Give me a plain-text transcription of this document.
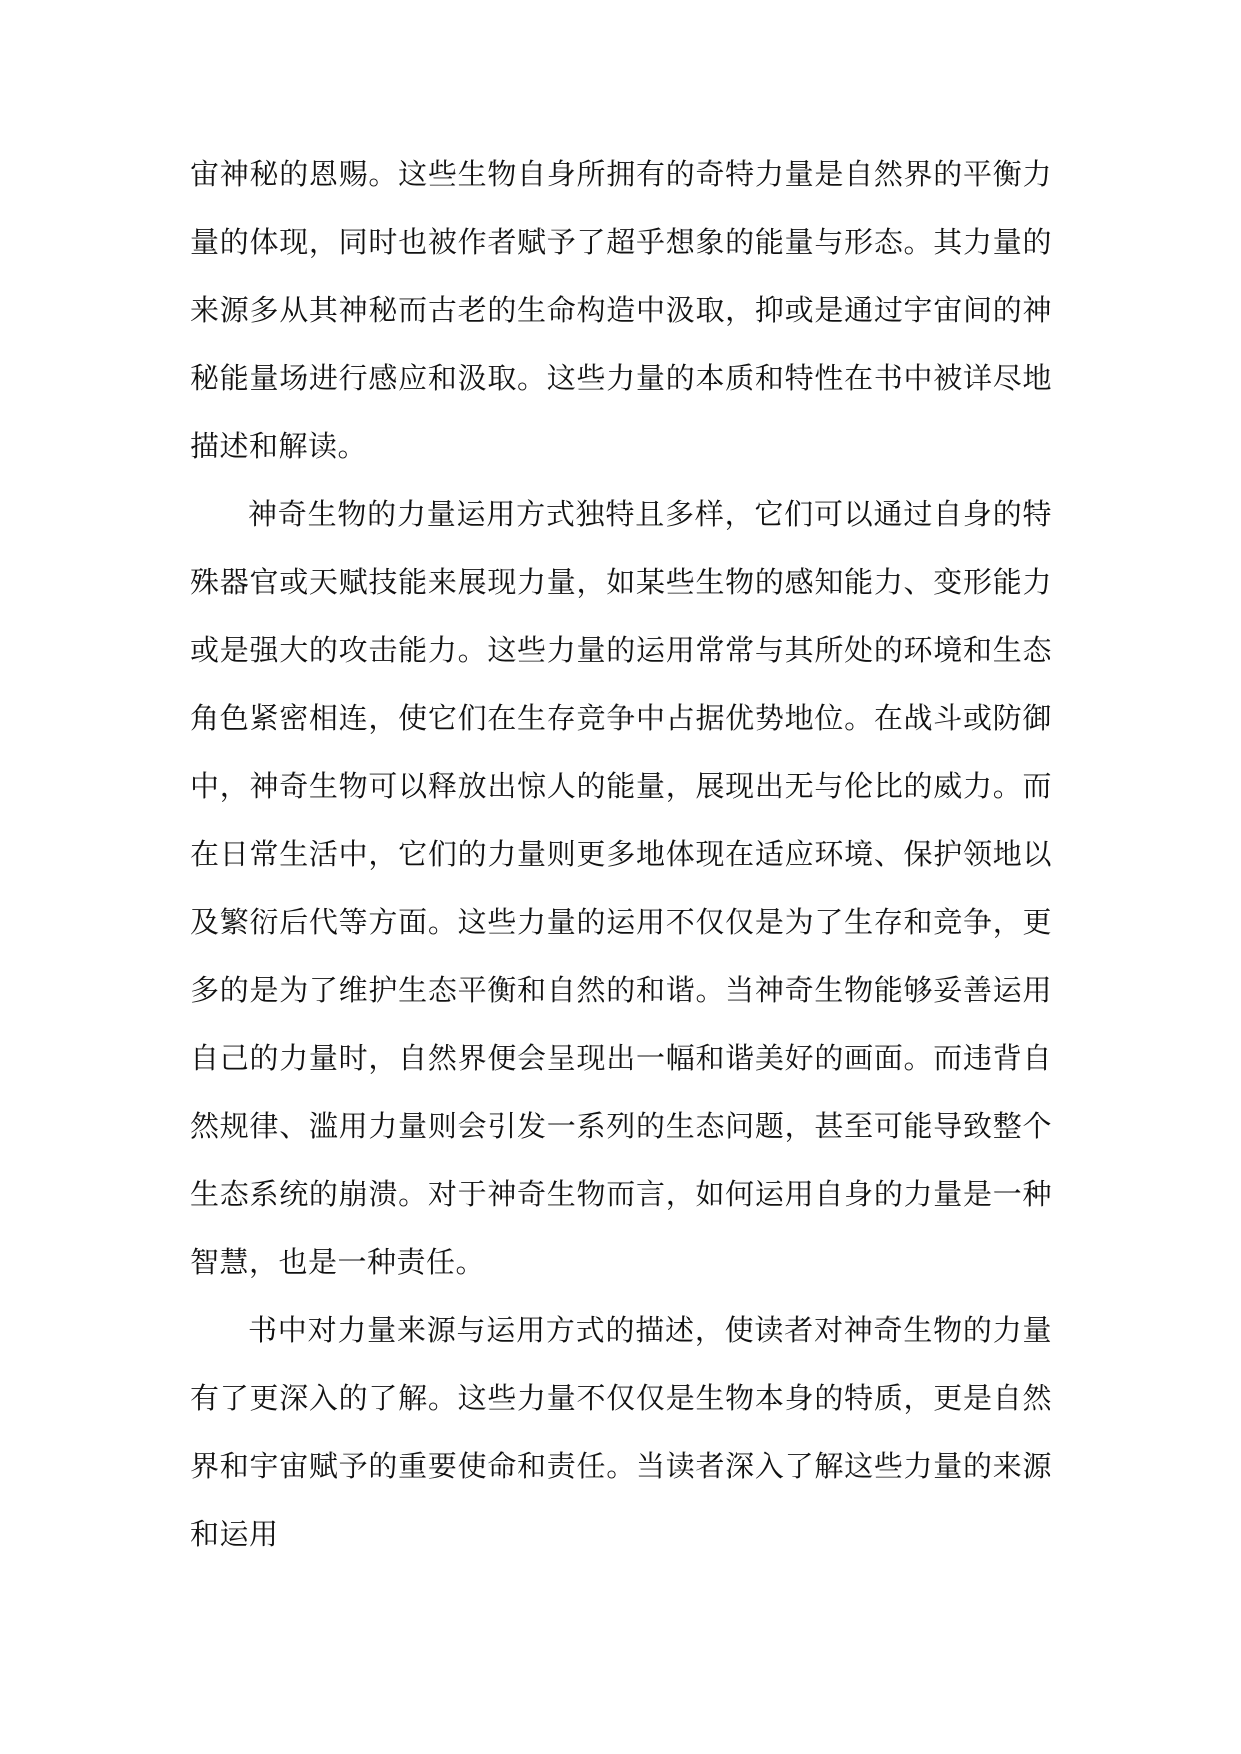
宙神秘的恩赐。这些生物自身所拥有的奇特力量是自然界的平衡力量的体现，同时也被作者赋予了超乎想象的能量与形态。其力量的来源多从其神秘而古老的生命构造中汲取，抑或是通过宇宙间的神秘能量场进行感应和汲取。这些力量的本质和特性在书中被详尽地描述和解读。

神奇生物的力量运用方式独特且多样，它们可以通过自身的特殊器官或天赋技能来展现力量，如某些生物的感知能力、变形能力或是强大的攻击能力。这些力量的运用常常与其所处的环境和生态角色紧密相连，使它们在生存竞争中占据优势地位。在战斗或防御中，神奇生物可以释放出惊人的能量，展现出无与伦比的威力。而在日常生活中，它们的力量则更多地体现在适应环境、保护领地以及繁衍后代等方面。这些力量的运用不仅仅是为了生存和竞争，更多的是为了维护生态平衡和自然的和谐。当神奇生物能够妥善运用自己的力量时，自然界便会呈现出一幅和谐美好的画面。而违背自然规律、滥用力量则会引发一系列的生态问题，甚至可能导致整个生态系统的崩溃。对于神奇生物而言，如何运用自身的力量是一种智慧，也是一种责任。

书中对力量来源与运用方式的描述，使读者对神奇生物的力量有了更深入的了解。这些力量不仅仅是生物本身的特质，更是自然界和宇宙赋予的重要使命和责任。当读者深入了解这些力量的来源和运用
